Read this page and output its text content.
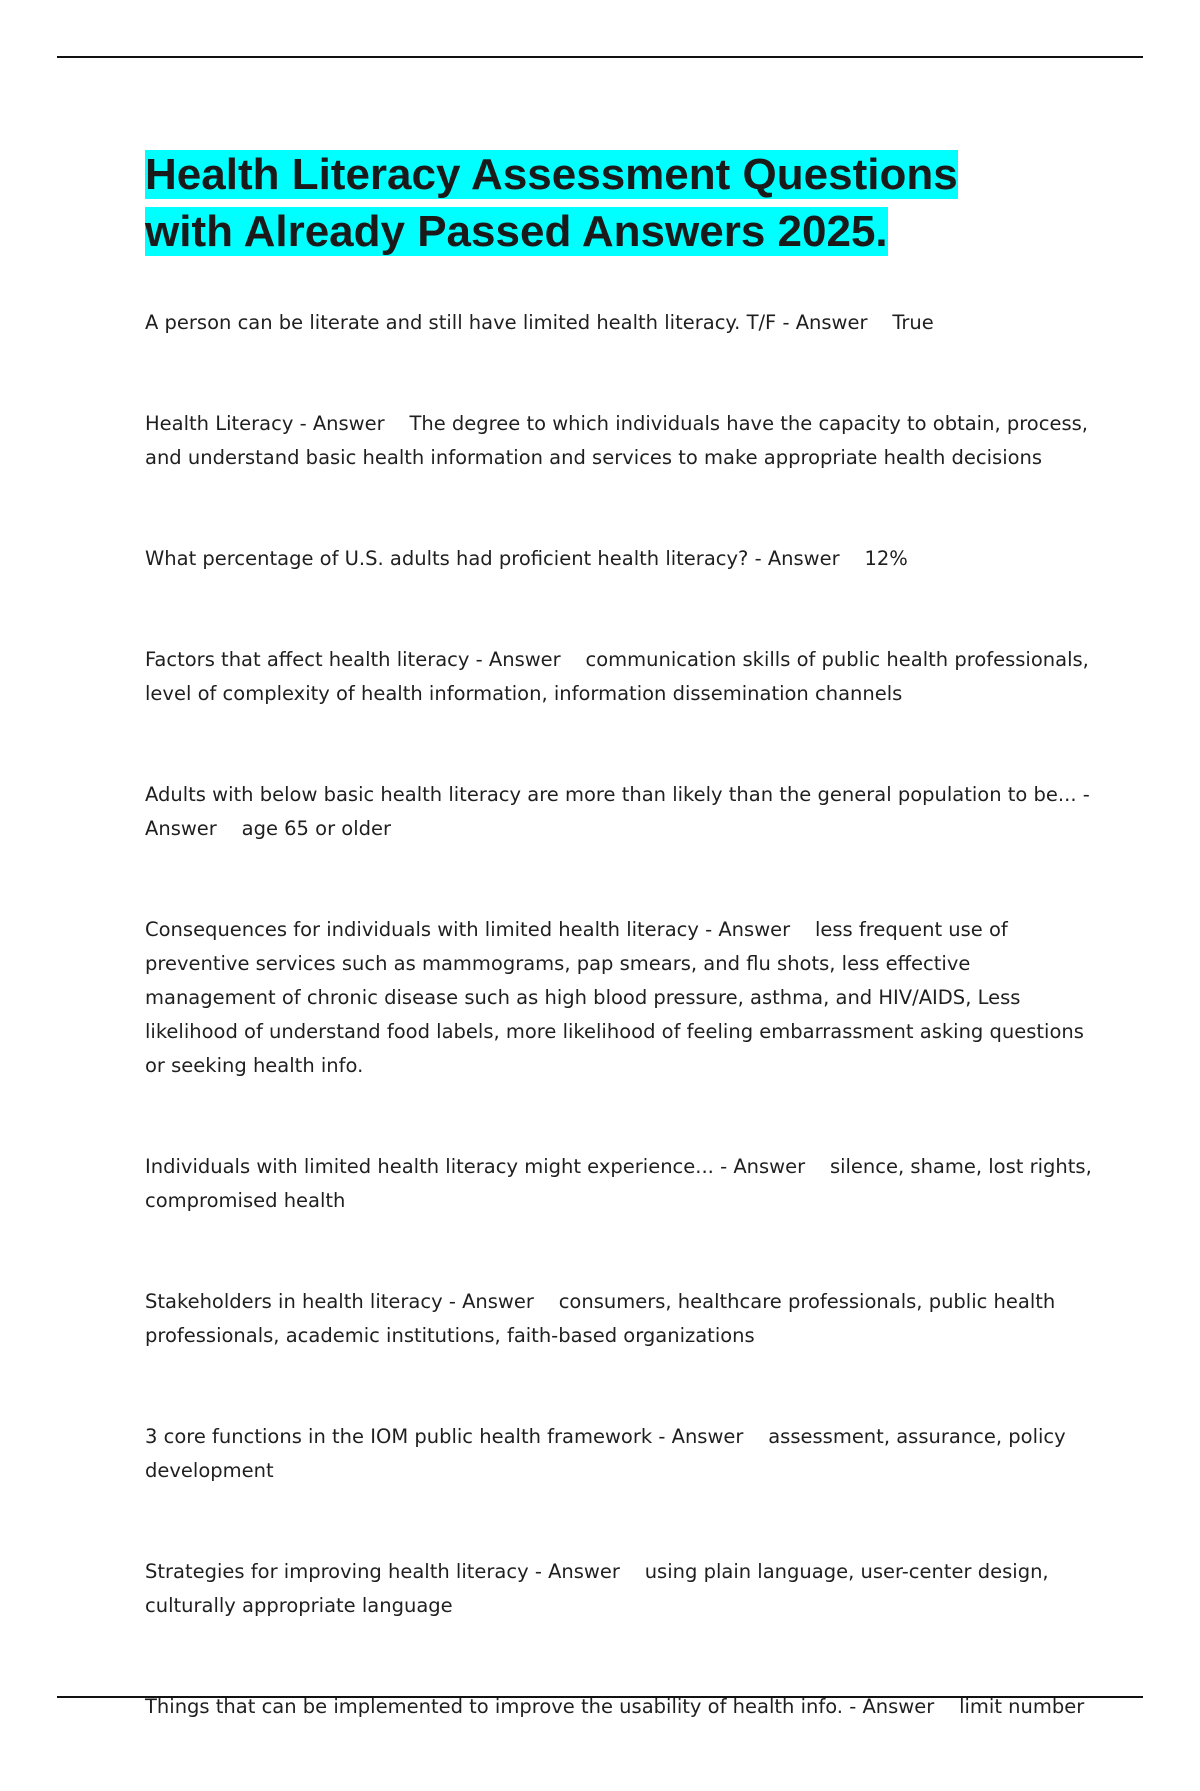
Health Literacy Assessment Questions
with Already Passed Answers 2025.

A person can be literate and still have limited health literacy. T/F - Answer True

Health Literacy - Answer The degree to which individuals have the capacity to obtain, process, and understand basic health information and services to make appropriate health decisions

What percentage of U.S. adults had proficient health literacy? - Answer 12%

Factors that affect health literacy - Answer communication skills of public health professionals, level of complexity of health information, information dissemination channels

Adults with below basic health literacy are more than likely than the general population to be... - Answer age 65 or older

Consequences for individuals with limited health literacy - Answer less frequent use of preventive services such as mammograms, pap smears, and flu shots, less effective management of chronic disease such as high blood pressure, asthma, and HIV/AIDS, Less likelihood of understand food labels, more likelihood of feeling embarrassment asking questions or seeking health info.

Individuals with limited health literacy might experience... - Answer silence, shame, lost rights, compromised health

Stakeholders in health literacy - Answer consumers, healthcare professionals, public health professionals, academic institutions, faith-based organizations

3 core functions in the IOM public health framework - Answer assessment, assurance, policy development

Strategies for improving health literacy - Answer using plain language, user-center design, culturally appropriate language

Things that can be implemented to improve the usability of health info. - Answer limit number
